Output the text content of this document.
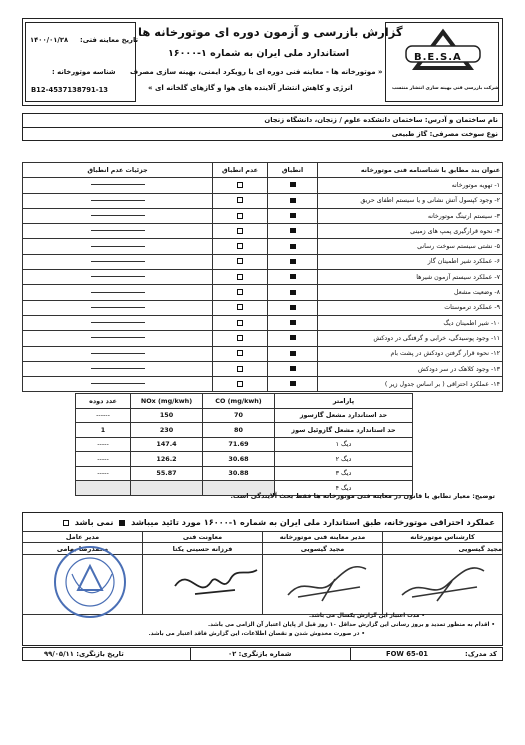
B.E.S.A
شرکت بازرسی فنی بهینه سازی انتشار منتسب
گزارش بازرسی و آزمون دوره ای موتورخانه ها
استاندارد ملی ایران به شماره ۱-۱۶۰۰۰
« موتورخانه ها - معاینه فنی دوره ای با رویکرد ایمنی، بهینه سازی مصرف
انرژی و کاهش انتشار آلاینده های هوا و گازهای گلخانه ای »
تاریخ معاینه فنی:
۱۴۰۰/۰۱/۲۸
شناسه موتورخانه :
B12-4537138791-13
نام ساختمان و آدرس: ساختمان دانشکده علوم / زنجان، دانشگاه زنجان
نوع سوخت مصرفی: گاز طبیعی
عنوان بند مطابق با شناسنامه فنی موتورخانه	انطباق	عدم انطباق	جزئیات عدم انطباق
۱- تهویه موتورخانه			
۲- وجود کپسول آتش نشانی و یا سیستم اطفای حریق			
۳- سیستم ارتینگ موتورخانه			
۴- نحوه قرارگیری پمپ های زمینی			
۵- نشتی سیستم سوخت رسانی			
۶- عملکرد شیر اطمینان گاز			
۷- عملکرد سیستم آزمون شیرها			
۸- وضعیت مشعل			
۹- عملکرد ترموستات			
۱۰- شیر اطمینان دیگ			
۱۱- وجود پوسیدگی، خرابی و گرفتگی در دودکش			
۱۲- نحوه قرار گرفتن دودکش در پشت بام			
۱۳- وجود کلاهک در سر دودکش			
۱۴- عملکرد احتراقی ( بر اساس جدول زیر )			
پارامتر	CO (mg/kwh)	NOx (mg/kwh)	عدد دوده
حد استاندارد مشعل گازسوز	70	150	------
حد استاندارد مشعل گازوئیل سوز	80	230	1
دیگ ۱	71.69	147.4	-----
دیگ ۲	30.68	126.2	-----
دیگ ۳	30.88	55.87	-----
دیگ ۴			
توضیح: معیار تطابق با قانون در معاینه فنی موتورخانه ها فقط بحث آلایندگی است.
عملکرد احتراقی موتورخانه، طبق استاندارد ملی ایران به شماره ۱-۱۶۰۰۰ مورد تائید میباشد  نمی باشد
کارشناس موتورخانه	مدیر معاینه فنی موتورخانه	معاونت فنی	مدیر عامل
مجید گیسویی	مجید گیسویی	فرزانه حسینی یکتا	محمدرضا بهامی

• مدت اعتبار این گزارش یکسال می باشد.
• اقدام به منظور تمدید و بروز رسانی این گزارش حداقل ۱۰ روز قبل از پایان اعتبار آن الزامی می باشد.
• در صورت مخدوش شدن و نقصان اطلاعات، این گزارش فاقد اعتبار می باشد.
کد مدرک:
FOW 65-01
شماره بازنگری: ۰۲
تاریخ بازنگری: ۹۹/۰۵/۱۱
